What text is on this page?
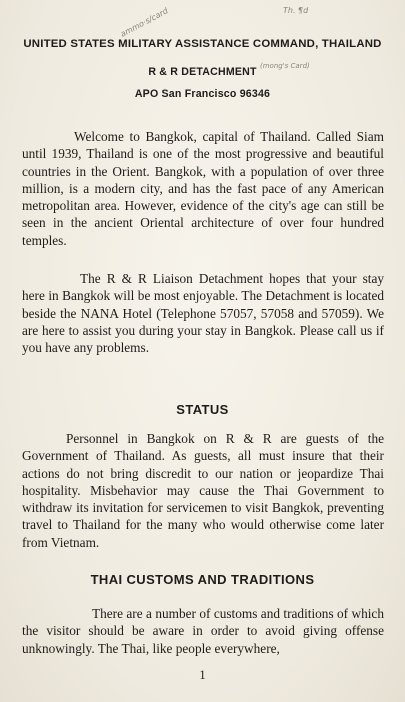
ammo·s/card	Th. ¶d
UNITED STATES MILITARY ASSISTANCE COMMAND, THAILAND
R & R DETACHMENT (mong's Card)
APO San Francisco 96346

Welcome to Bangkok, capital of Thailand. Called Siam until 1939, Thailand is one of the most progressive and beautiful countries in the Orient. Bangkok, with a population of over three million, is a modern city, and has the fast pace of any American metropolitan area. However, evidence of the city's age can still be seen in the ancient Oriental architecture of over four hundred temples.

The R & R Liaison Detachment hopes that your stay here in Bangkok will be most enjoyable. The Detachment is located beside the NANA Hotel (Telephone 57057, 57058 and 57059). We are here to assist you during your stay in Bangkok. Please call us if you have any problems.

STATUS

Personnel in Bangkok on R & R are guests of the Government of Thailand. As guests, all must insure that their actions do not bring discredit to our nation or jeopardize Thai hospitality. Misbehavior may cause the Thai Government to withdraw its invitation for servicemen to visit Bangkok, preventing travel to Thailand for the many who would otherwise come later from Vietnam.

THAI CUSTOMS AND TRADITIONS

There are a number of customs and traditions of which the visitor should be aware in order to avoid giving offense unknowingly. The Thai, like people everywhere,

1
